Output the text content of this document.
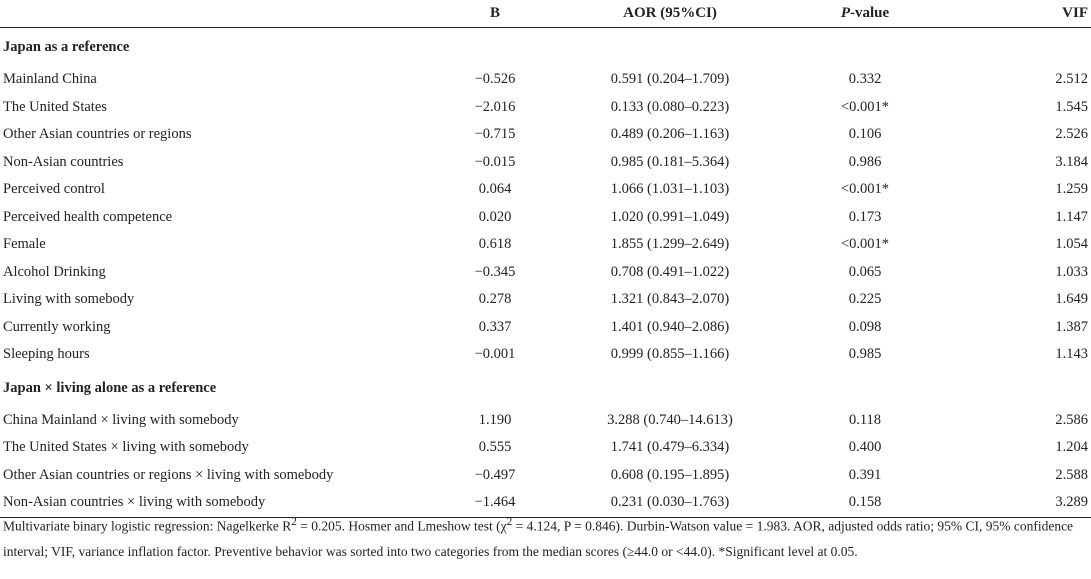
	B	AOR (95%CI)	P-value	VIF
Japan as a reference				
Mainland China	−0.526	0.591 (0.204–1.709)	0.332	2.512
The United States	−2.016	0.133 (0.080–0.223)	<0.001*	1.545
Other Asian countries or regions	−0.715	0.489 (0.206–1.163)	0.106	2.526
Non-Asian countries	−0.015	0.985 (0.181–5.364)	0.986	3.184
Perceived control	0.064	1.066 (1.031–1.103)	<0.001*	1.259
Perceived health competence	0.020	1.020 (0.991–1.049)	0.173	1.147
Female	0.618	1.855 (1.299–2.649)	<0.001*	1.054
Alcohol Drinking	−0.345	0.708 (0.491–1.022)	0.065	1.033
Living with somebody	0.278	1.321 (0.843–2.070)	0.225	1.649
Currently working	0.337	1.401 (0.940–2.086)	0.098	1.387
Sleeping hours	−0.001	0.999 (0.855–1.166)	0.985	1.143
Japan × living alone as a reference				
China Mainland × living with somebody	1.190	3.288 (0.740–14.613)	0.118	2.586
The United States × living with somebody	0.555	1.741 (0.479–6.334)	0.400	1.204
Other Asian countries or regions × living with somebody	−0.497	0.608 (0.195–1.895)	0.391	2.588
Non-Asian countries × living with somebody	−1.464	0.231 (0.030–1.763)	0.158	3.289
Multivariate binary logistic regression: Nagelkerke $R^2 = 0.205$. Hosmer and Lmeshow test ($\chi^2 = 4.124$, P = 0.846). Durbin-Watson value = 1.983. AOR, adjusted odds ratio; 95% CI, 95% confidence interval; VIF, variance inflation factor. Preventive behavior was sorted into two categories from the median scores (≥44.0 or <44.0). *Significant level at 0.05.
